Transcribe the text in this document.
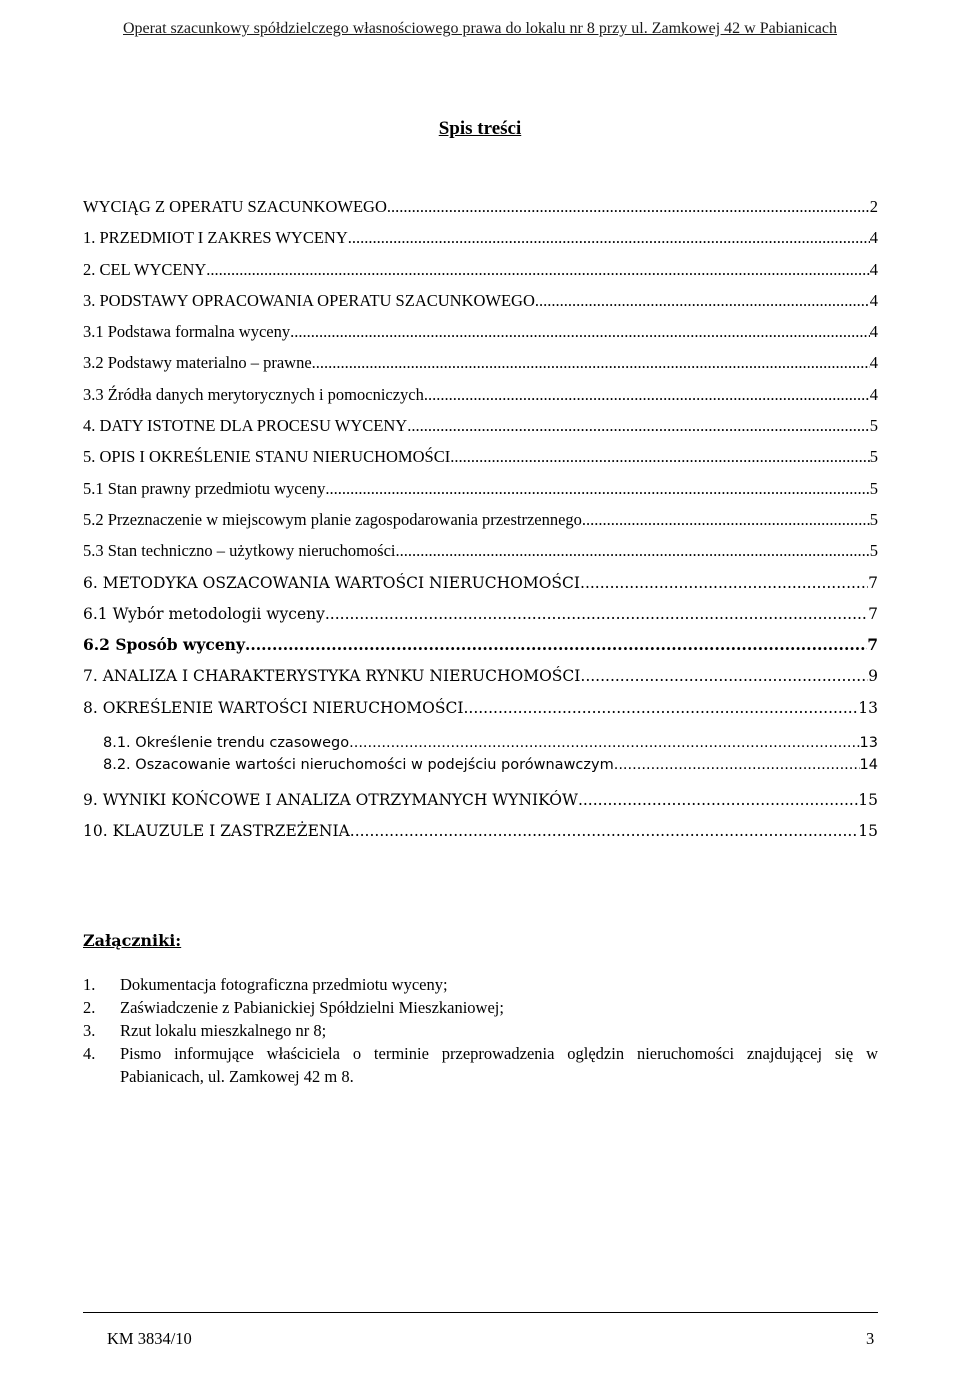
Operat szacunkowy spółdzielczego własnościowego prawa do lokalu nr 8 przy ul. Zamkowej 42 w Pabianicach
Spis treści
WYCIĄG Z OPERATU SZACUNKOWEGO .....	2
1. PRZEDMIOT I ZAKRES WYCENY .....	4
2. CEL WYCENY .....	4
3. PODSTAWY OPRACOWANIA OPERATU SZACUNKOWEGO .....	4
3.1 Podstawa formalna wyceny .....	4
3.2 Podstawy materialno – prawne .....	4
3.3 Źródła danych merytorycznych i pomocniczych .....	4
4. DATY ISTOTNE DLA PROCESU WYCENY .....	5
5. OPIS I OKREŚLENIE STANU NIERUCHOMOŚCI .....	5
5.1 Stan prawny przedmiotu wyceny .....	5
5.2 Przeznaczenie w miejscowym planie zagospodarowania przestrzennego .....	5
5.3 Stan techniczno – użytkowy nieruchomości .....	5
6. METODYKA OSZACOWANIA WARTOŚCI NIERUCHOMOŚCI .....	7
6.1 Wybór metodologii wyceny .....	7
6.2 Sposób wyceny .....	7
7. ANALIZA I CHARAKTERYSTYKA RYNKU NIERUCHOMOŚCI .....	9
8. OKREŚLENIE WARTOŚCI NIERUCHOMOŚCI .....	13
8.1. Określenie trendu czasowego .....	13
8.2. Oszacowanie wartości nieruchomości w podejściu porównawczym .....	14
9. WYNIKI KOŃCOWE I ANALIZA OTRZYMANYCH WYNIKÓW .....	15
10. KLAUZULE I ZASTRZEŻENIA .....	15
Załączniki:
1.	Dokumentacja fotograficzna przedmiotu wyceny;
2.	Zaświadczenie z Pabianickiej Spółdzielni Mieszkaniowej;
3.	Rzut lokalu mieszkalnego nr 8;
4.	Pismo informujące właściciela o terminie przeprowadzenia oględzin nieruchomości znajdującej się w Pabianicach, ul. Zamkowej 42 m 8.
KM 3834/10	3
